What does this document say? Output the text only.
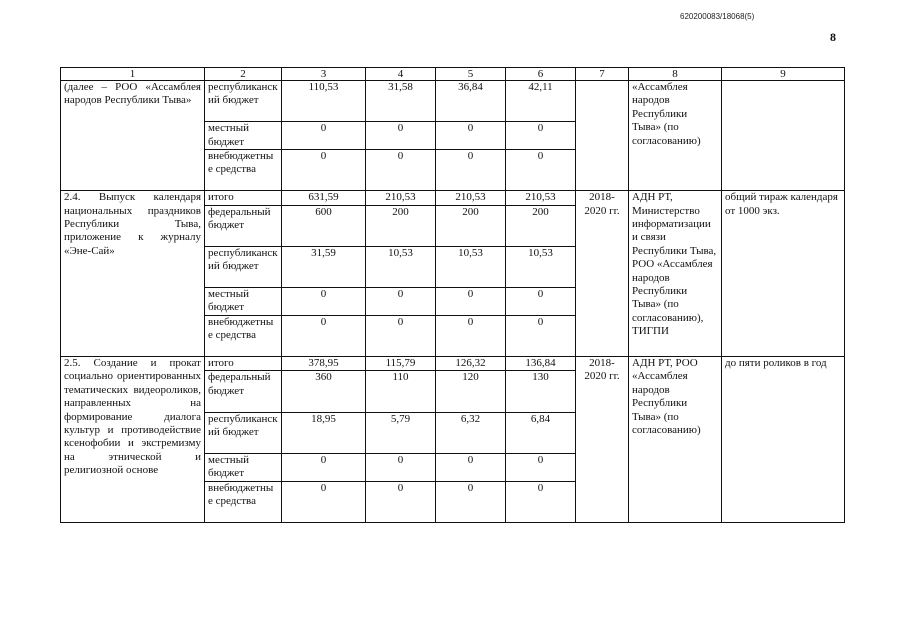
620200083/18068(5)
8
1	2	3	4	5	6	7	8	9
(далее – РОО «Ассамблея народов Республики Тыва»	республиканский бюджет	110,53	31,58	36,84	42,11		«Ассамблея народов Республики Тыва» (по согласованию)	
	местный бюджет	0	0	0	0			
	внебюджетные средства	0	0	0	0			
2.4. Выпуск календаря национальных праздников Республики Тыва, приложение к журналу «Эне-Сай»	итого	631,59	210,53	210,53	210,53	2018-2020 гг.	АДН РТ, Министерство информатизации и связи Республики Тыва, РОО «Ассамблея народов Республики Тыва» (по согласованию), ТИГПИ	общий тираж календаря от 1000 экз.
	федеральный бюджет	600	200	200	200			
	республиканский бюджет	31,59	10,53	10,53	10,53			
	местный бюджет	0	0	0	0			
	внебюджетные средства	0	0	0	0			
2.5. Создание и прокат социально ориентированных тематических видеороликов, направленных на формирование диалога культур и противодействие ксенофобии и экстремизму на этнической и религиозной основе	итого	378,95	115,79	126,32	136,84	2018-2020 гг.	АДН РТ, РОО «Ассамблея народов Республики Тыва» (по согласованию)	до пяти роликов в год
	федеральный бюджет	360	110	120	130			
	республиканский бюджет	18,95	5,79	6,32	6,84			
	местный бюджет	0	0	0	0			
	внебюджетные средства	0	0	0	0			
